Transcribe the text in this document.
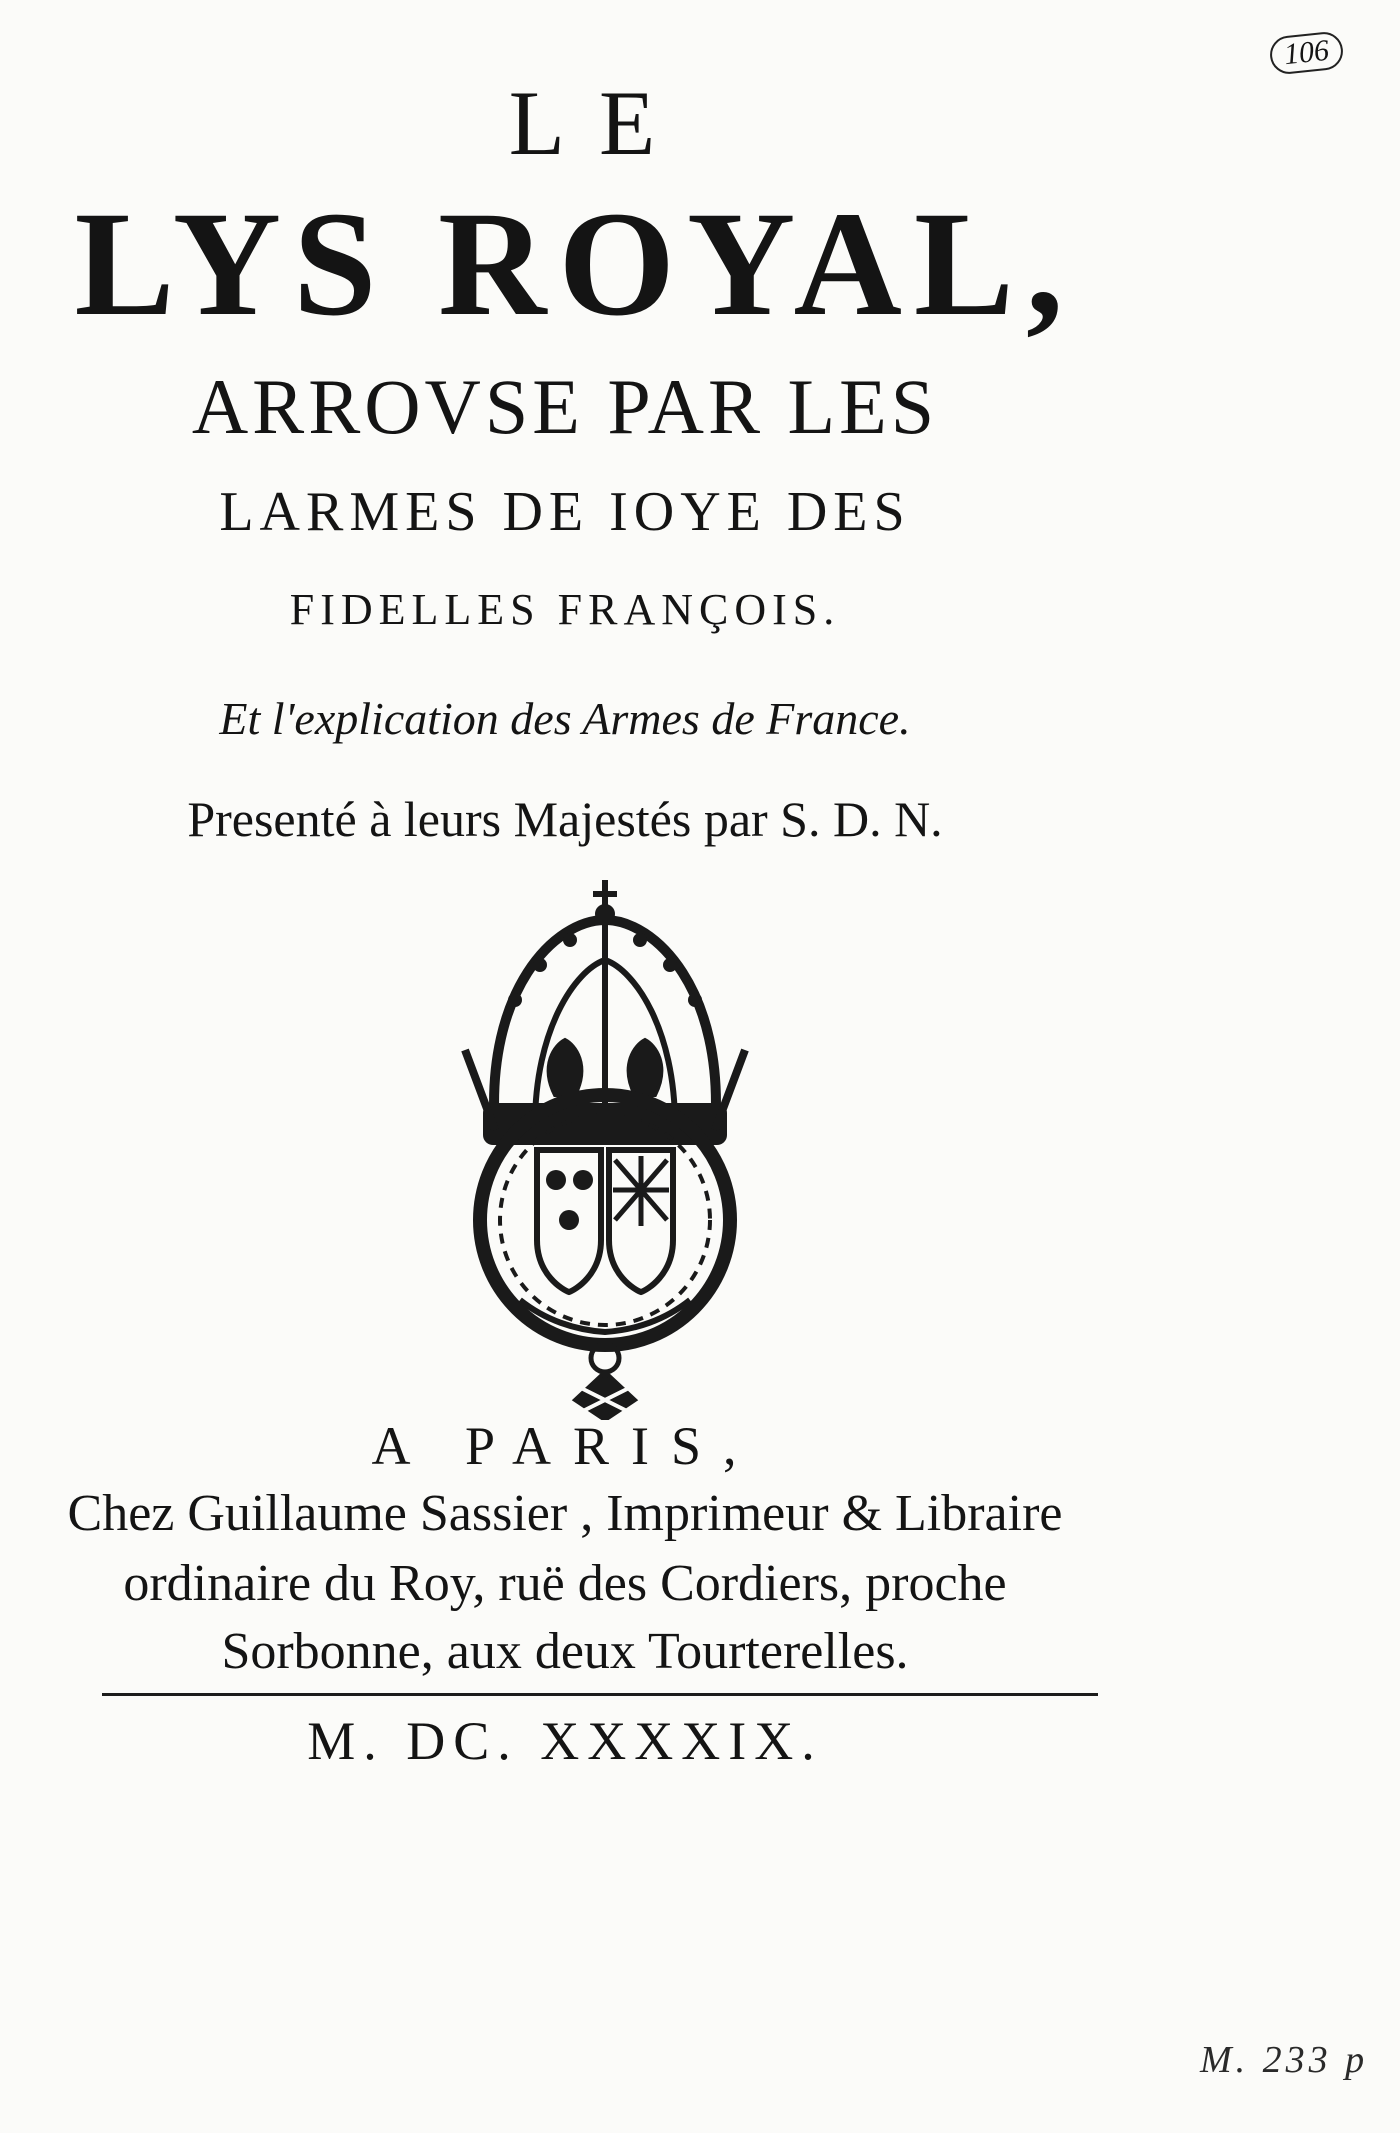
106
LE
LYS ROYAL,
ARROVSE PAR LES
LARMES DE IOYE DES
FIDELLES FRANÇOIS.
Et l'explication des Armes de France.
Presenté à leurs Majestés par S. D. N.
A PARIS,
Chez Guillaume Sassier , Imprimeur & Libraire
ordinaire du Roy, ruë des Cordiers, proche
Sorbonne, aux deux Tourterelles.
M. DC. XXXXIX.
M. 233 p
